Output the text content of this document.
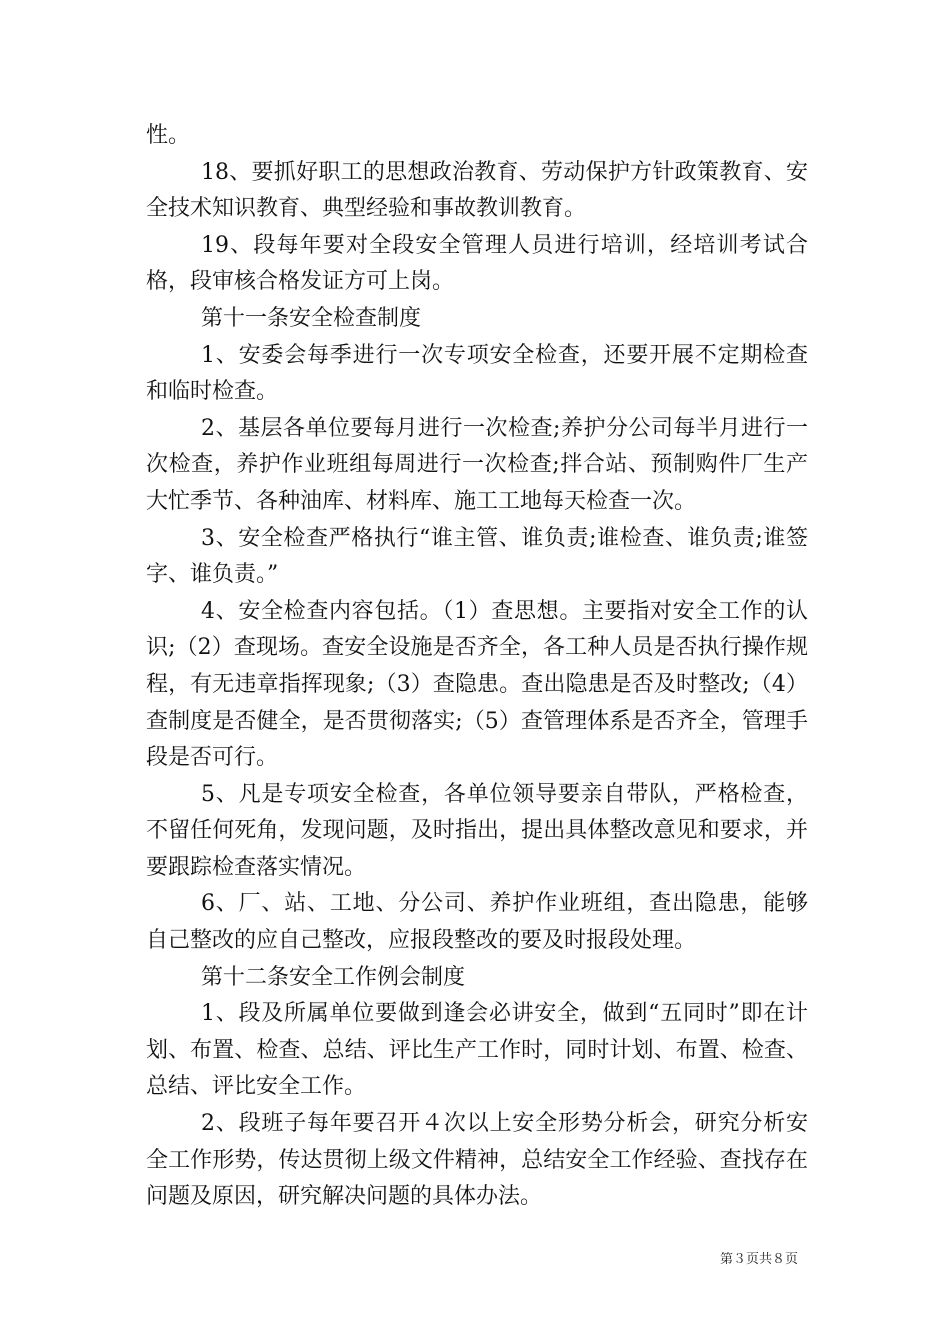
性。

18、要抓好职工的思想政治教育、劳动保护方针政策教育、安全技术知识教育、典型经验和事故教训教育。

19、段每年要对全段安全管理人员进行培训，经培训考试合格，段审核合格发证方可上岗。

第十一条安全检查制度

1、安委会每季进行一次专项安全检查，还要开展不定期检查和临时检查。

2、基层各单位要每月进行一次检查;养护分公司每半月进行一次检查，养护作业班组每周进行一次检查;拌合站、预制购件厂生产大忙季节、各种油库、材料库、施工工地每天检查一次。

3、安全检查严格执行“谁主管、谁负责;谁检查、谁负责;谁签字、谁负责。”

4、安全检查内容包括。（1）查思想。主要指对安全工作的认识;（2）查现场。查安全设施是否齐全，各工种人员是否执行操作规程，有无违章指挥现象;（3）查隐患。查出隐患是否及时整改;（4）查制度是否健全，是否贯彻落实;（5）查管理体系是否齐全，管理手段是否可行。

5、凡是专项安全检查，各单位领导要亲自带队，严格检查，不留任何死角，发现问题，及时指出，提出具体整改意见和要求，并要跟踪检查落实情况。

6、厂、站、工地、分公司、养护作业班组，查出隐患，能够自己整改的应自己整改，应报段整改的要及时报段处理。

第十二条安全工作例会制度

1、段及所属单位要做到逢会必讲安全，做到“五同时”即在计划、布置、检查、总结、评比生产工作时，同时计划、布置、检查、总结、评比安全工作。

2、段班子每年要召开４次以上安全形势分析会，研究分析安全工作形势，传达贯彻上级文件精神，总结安全工作经验、查找存在问题及原因，研究解决问题的具体办法。

第３页共８页
